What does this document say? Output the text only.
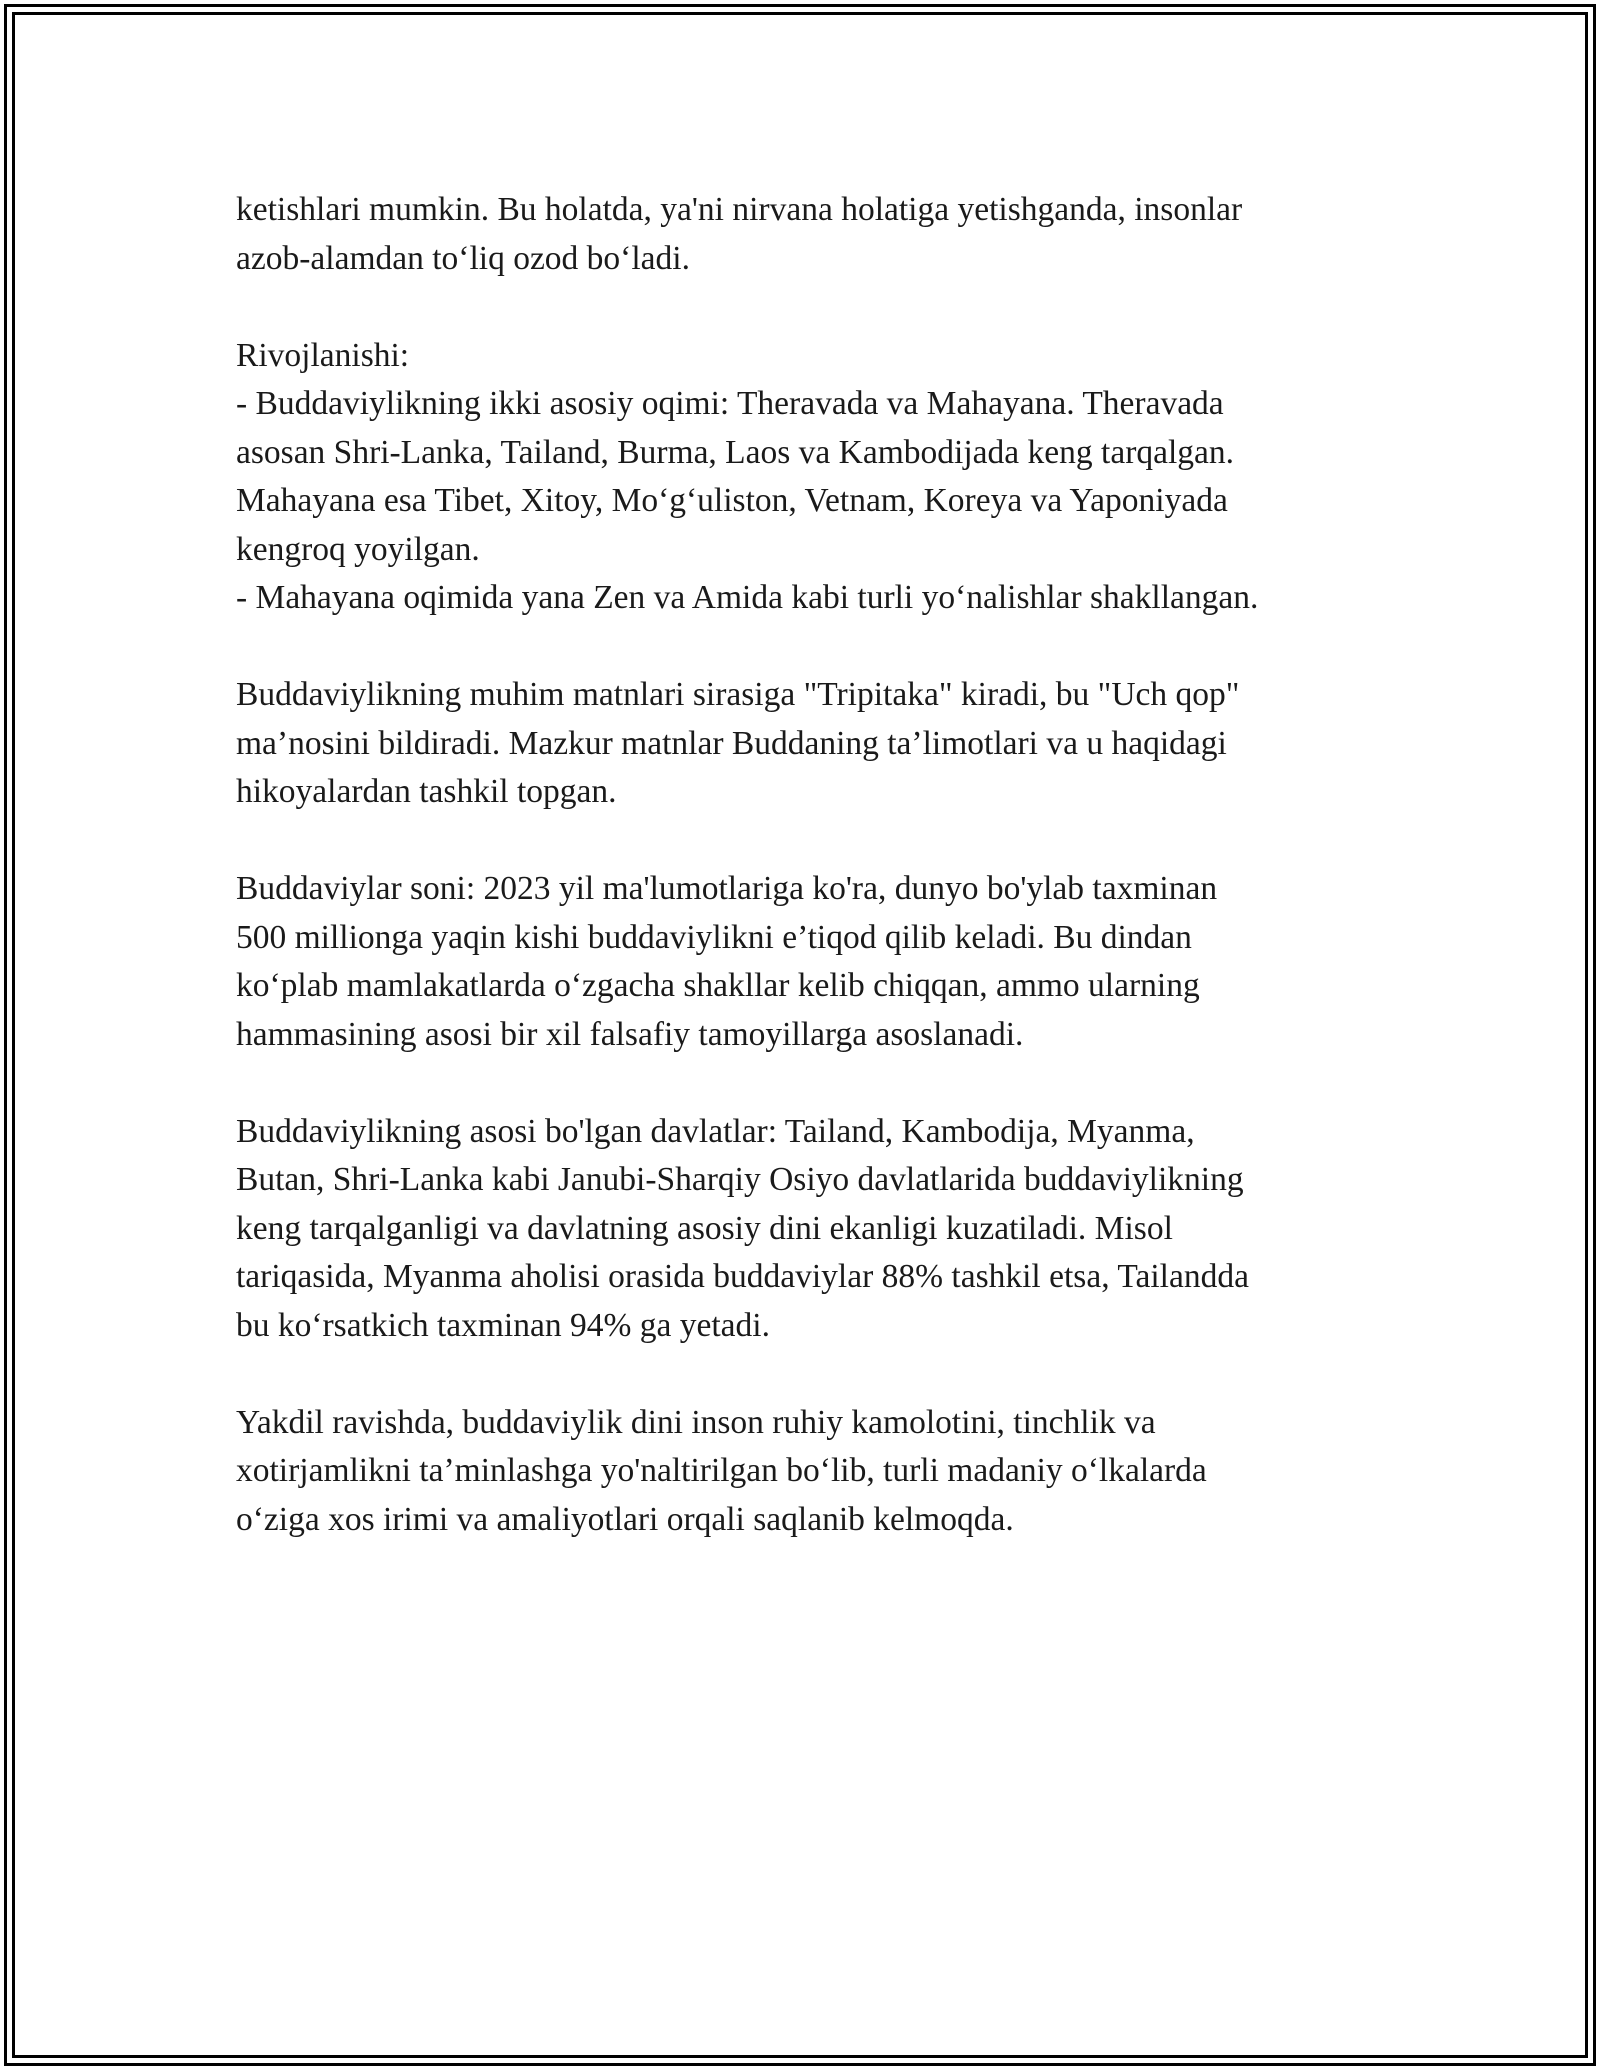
ketishlari mumkin. Bu holatda, ya'ni nirvana holatiga yetishganda, insonlar
azob-alamdan to‘liq ozod bo‘ladi.

Rivojlanishi:
- Buddaviylikning ikki asosiy oqimi: Theravada va Mahayana. Theravada
asosan Shri-Lanka, Tailand, Burma, Laos va Kambodijada keng tarqalgan.
Mahayana esa Tibet, Xitoy, Mo‘g‘uliston, Vetnam, Koreya va Yaponiyada
kengroq yoyilgan.
- Mahayana oqimida yana Zen va Amida kabi turli yo‘nalishlar shakllangan.

Buddaviylikning muhim matnlari sirasiga "Tripitaka" kiradi, bu "Uch qop"
ma’nosini bildiradi. Mazkur matnlar Buddaning ta’limotlari va u haqidagi
hikoyalardan tashkil topgan.

Buddaviylar soni: 2023 yil ma'lumotlariga ko'ra, dunyo bo'ylab taxminan
500 millionga yaqin kishi buddaviylikni e’tiqod qilib keladi. Bu dindan
ko‘plab mamlakatlarda o‘zgacha shakllar kelib chiqqan, ammo ularning
hammasining asosi bir xil falsafiy tamoyillarga asoslanadi.

Buddaviylikning asosi bo'lgan davlatlar: Tailand, Kambodija, Myanma,
Butan, Shri-Lanka kabi Janubi-Sharqiy Osiyo davlatlarida buddaviylikning
keng tarqalganligi va davlatning asosiy dini ekanligi kuzatiladi. Misol
tariqasida, Myanma aholisi orasida buddaviylar 88% tashkil etsa, Tailandda
bu ko‘rsatkich taxminan 94% ga yetadi.

Yakdil ravishda, buddaviylik dini inson ruhiy kamolotini, tinchlik va
xotirjamlikni ta’minlashga yo'naltirilgan bo‘lib, turli madaniy o‘lkalarda
o‘ziga xos irimi va amaliyotlari orqali saqlanib kelmoqda.
